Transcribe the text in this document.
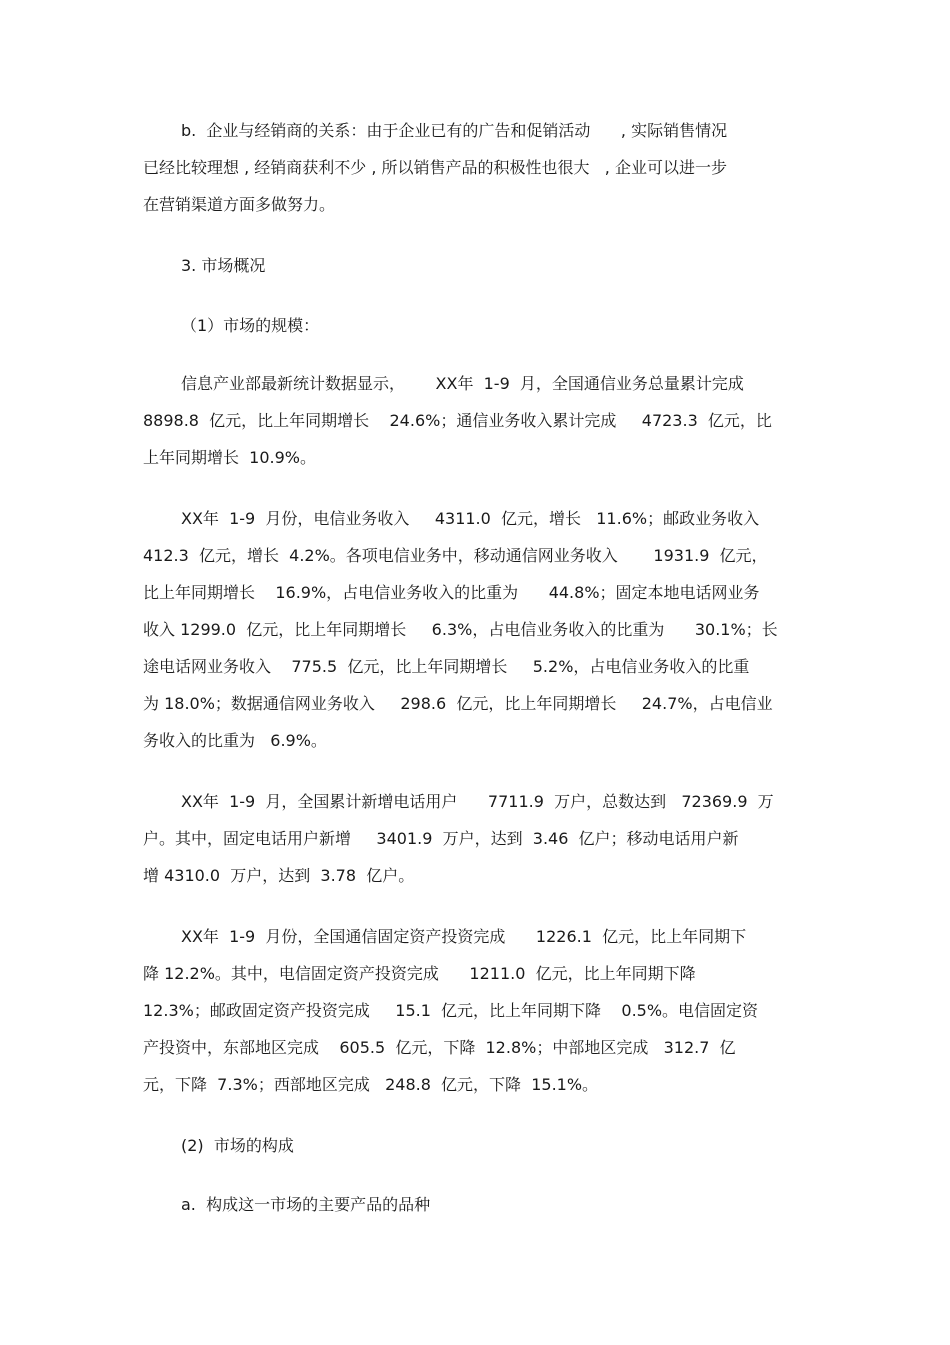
b.  企业与经销商的关系：由于企业已有的广告和促销活动      , 实际销售情况
已经比较理想 , 经销商获利不少 , 所以销售产品的积极性也很大   , 企业可以进一步
在营销渠道方面多做努力。
3. 市场概况
（1）市场的规模：
信息产业部最新统计数据显示，      XX年  1-9  月，全国通信业务总量累计完成
8898.8  亿元，比上年同期增长    24.6%；通信业务收入累计完成     4723.3  亿元，比
上年同期增长  10.9%。
XX年  1-9  月份，电信业务收入     4311.0  亿元，增长   11.6%；邮政业务收入
412.3  亿元，增长  4.2%。各项电信业务中，移动通信网业务收入       1931.9  亿元，
比上年同期增长    16.9%，占电信业务收入的比重为      44.8%；固定本地电话网业务
收入 1299.0  亿元，比上年同期增长     6.3%，占电信业务收入的比重为      30.1%；长
途电话网业务收入    775.5  亿元，比上年同期增长     5.2%，占电信业务收入的比重
为 18.0%；数据通信网业务收入     298.6  亿元，比上年同期增长     24.7%，占电信业
务收入的比重为   6.9%。
XX年  1-9  月，全国累计新增电话用户      7711.9  万户，总数达到   72369.9  万
户。其中，固定电话用户新增     3401.9  万户，达到  3.46  亿户；移动电话用户新
增 4310.0  万户，达到  3.78  亿户。
XX年  1-9  月份，全国通信固定资产投资完成      1226.1  亿元，比上年同期下
降 12.2%。其中，电信固定资产投资完成      1211.0  亿元，比上年同期下降
12.3%；邮政固定资产投资完成     15.1  亿元，比上年同期下降    0.5%。电信固定资
产投资中，东部地区完成    605.5  亿元，下降  12.8%；中部地区完成   312.7  亿
元，下降  7.3%；西部地区完成   248.8  亿元，下降  15.1%。
(2)  市场的构成
a.  构成这一市场的主要产品的品种
